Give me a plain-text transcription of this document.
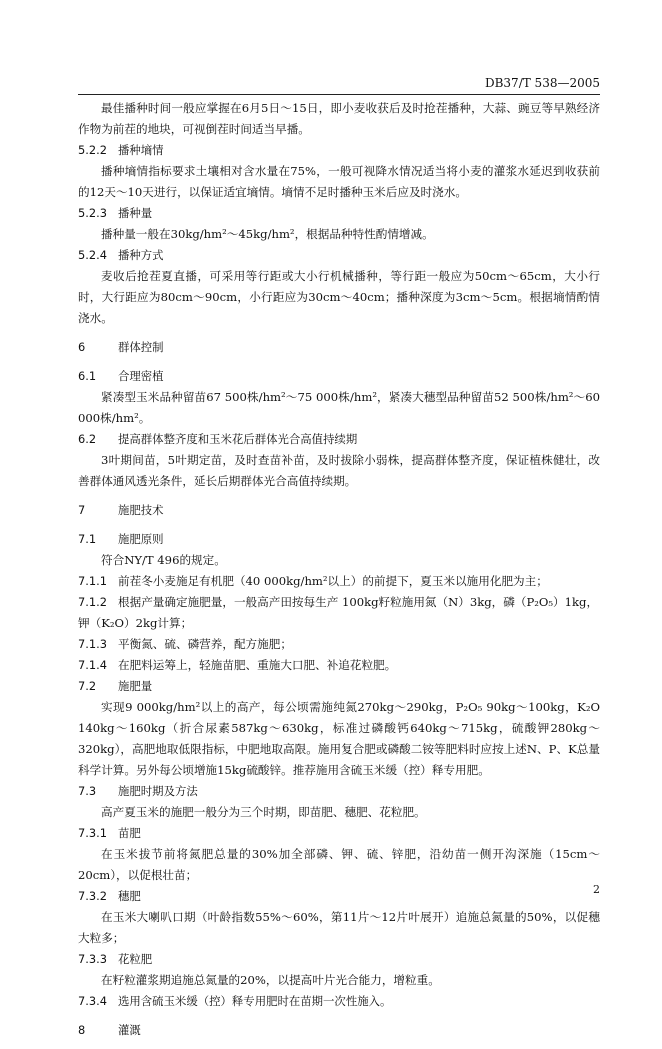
DB37/T 538—2005

最佳播种时间一般应掌握在6月5日～15日，即小麦收获后及时抢茬播种，大蒜、豌豆等早熟经济作物为前茬的地块，可视倒茬时间适当早播。

5.2.2 播种墒情

播种墒情指标要求土壤相对含水量在75%，一般可视降水情况适当将小麦的灌浆水延迟到收获前的12天～10天进行，以保证适宜墒情。墒情不足时播种玉米后应及时浇水。

5.2.3 播种量

播种量一般在30kg/hm²～45kg/hm²，根据品种特性酌情增减。

5.2.4 播种方式

麦收后抢茬夏直播，可采用等行距或大小行机械播种，等行距一般应为50cm～65cm，大小行时，大行距应为80cm～90cm，小行距应为30cm～40cm；播种深度为3cm～5cm。根据墒情酌情浇水。

6	群体控制
6.1 合理密植

紧凑型玉米品种留苗67 500株/hm²～75 000株/hm²，紧凑大穗型品种留苗52 500株/hm²～60 000株/hm²。

6.2 提高群体整齐度和玉米花后群体光合高值持续期

3叶期间苗，5叶期定苗，及时查苗补苗，及时拔除小弱株，提高群体整齐度，保证植株健壮，改善群体通风透光条件，延长后期群体光合高值持续期。

7	施肥技术
7.1 施肥原则

符合NY/T 496的规定。

7.1.1 前茬冬小麦施足有机肥（40 000kg/hm²以上）的前提下，夏玉米以施用化肥为主；
7.1.2 根据产量确定施肥量，一般高产田按每生产 100kg籽粒施用氮（N）3kg，磷（P₂O₅）1kg，钾（K₂O）2kg计算；
7.1.3 平衡氮、硫、磷营养，配方施肥；
7.1.4 在肥料运筹上，轻施苗肥、重施大口肥、补追花粒肥。
7.2 施肥量

实现9 000kg/hm²以上的高产，每公顷需施纯氮270kg～290kg，P₂O₅ 90kg～100kg，K₂O 140kg～160kg（折合尿素587kg～630kg，标准过磷酸钙640kg～715kg，硫酸钾280kg～320kg），高肥地取低限指标，中肥地取高限。施用复合肥或磷酸二铵等肥料时应按上述N、P、K总量科学计算。另外每公顷增施15kg硫酸锌。推荐施用含硫玉米缓（控）释专用肥。

7.3 施肥时期及方法

高产夏玉米的施肥一般分为三个时期，即苗肥、穗肥、花粒肥。

7.3.1 苗肥

在玉米拔节前将氮肥总量的30%加全部磷、钾、硫、锌肥，沿幼苗一侧开沟深施（15cm～20cm），以促根壮苗；

7.3.2 穗肥

在玉米大喇叭口期（叶龄指数55%～60%，第11片～12片叶展开）追施总氮量的50%，以促穗大粒多；

7.3.3 花粒肥

在籽粒灌浆期追施总氮量的20%，以提高叶片光合能力，增粒重。

7.3.4 选用含硫玉米缓（控）释专用肥时在苗期一次性施入。
8	灌溉
2
